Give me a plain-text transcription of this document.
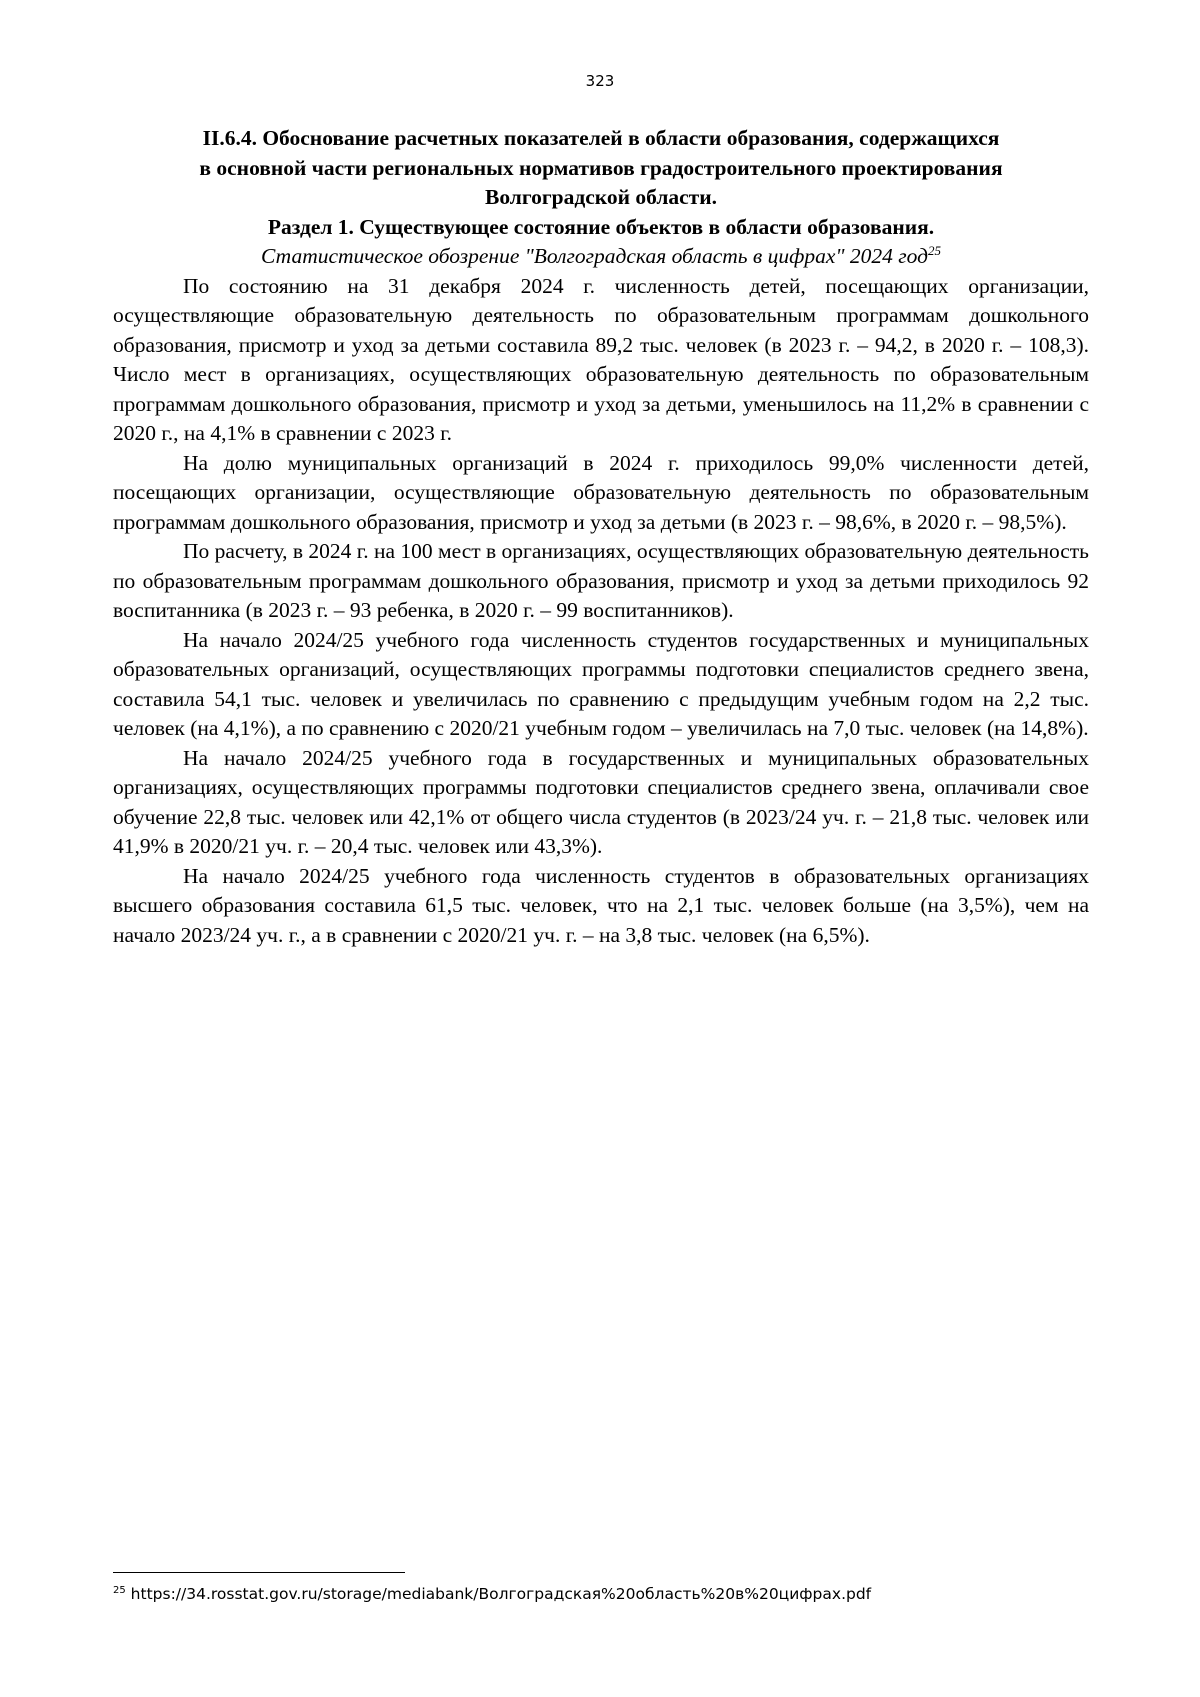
323

II.6.4. Обоснование расчетных показателей в области образования, содержащихся
в основной части региональных нормативов градостроительного проектирования
Волгоградской области.

Раздел 1. Существующее состояние объектов в области образования.

Статистическое обозрение "Волгоградская область в цифрах" 2024 год$^{25}$

По состоянию на 31 декабря 2024 г. численность детей, посещающих организации, осуществляющие образовательную деятельность по образовательным программам дошкольного образования, присмотр и уход за детьми составила 89,2 тыс. человек (в 2023 г. – 94,2, в 2020 г. – 108,3). Число мест в организациях, осуществляющих образовательную деятельность по образовательным программам дошкольного образования, присмотр и уход за детьми, уменьшилось на 11,2% в сравнении с 2020 г., на 4,1% в сравнении с 2023 г.

На долю муниципальных организаций в 2024 г. приходилось 99,0% численности детей, посещающих организации, осуществляющие образовательную деятельность по образовательным программам дошкольного образования, присмотр и уход за детьми (в 2023 г. – 98,6%, в 2020 г. – 98,5%).

По расчету, в 2024 г. на 100 мест в организациях, осуществляющих образовательную деятельность по образовательным программам дошкольного образования, присмотр и уход за детьми приходилось 92 воспитанника (в 2023 г. – 93 ребенка, в 2020 г. – 99 воспитанников).

На начало 2024/25 учебного года численность студентов государственных и муниципальных образовательных организаций, осуществляющих программы подготовки специалистов среднего звена, составила 54,1 тыс. человек и увеличилась по сравнению с предыдущим учебным годом на 2,2 тыс. человек (на 4,1%), а по сравнению с 2020/21 учебным годом – увеличилась на 7,0 тыс. человек (на 14,8%).

На начало 2024/25 учебного года в государственных и муниципальных образовательных организациях, осуществляющих программы подготовки специалистов среднего звена, оплачивали свое обучение 22,8 тыс. человек или 42,1% от общего числа студентов (в 2023/24 уч. г. – 21,8 тыс. человек или 41,9% в 2020/21 уч. г. – 20,4 тыс. человек или 43,3%).

На начало 2024/25 учебного года численность студентов в образовательных организациях высшего образования составила 61,5 тыс. человек, что на 2,1 тыс. человек больше (на 3,5%), чем на начало 2023/24 уч. г., а в сравнении с 2020/21 уч. г. – на 3,8 тыс. человек (на 6,5%).

$^{25}$ https://34.rosstat.gov.ru/storage/mediabank/Волгоградская%20область%20в%20цифрах.pdf
